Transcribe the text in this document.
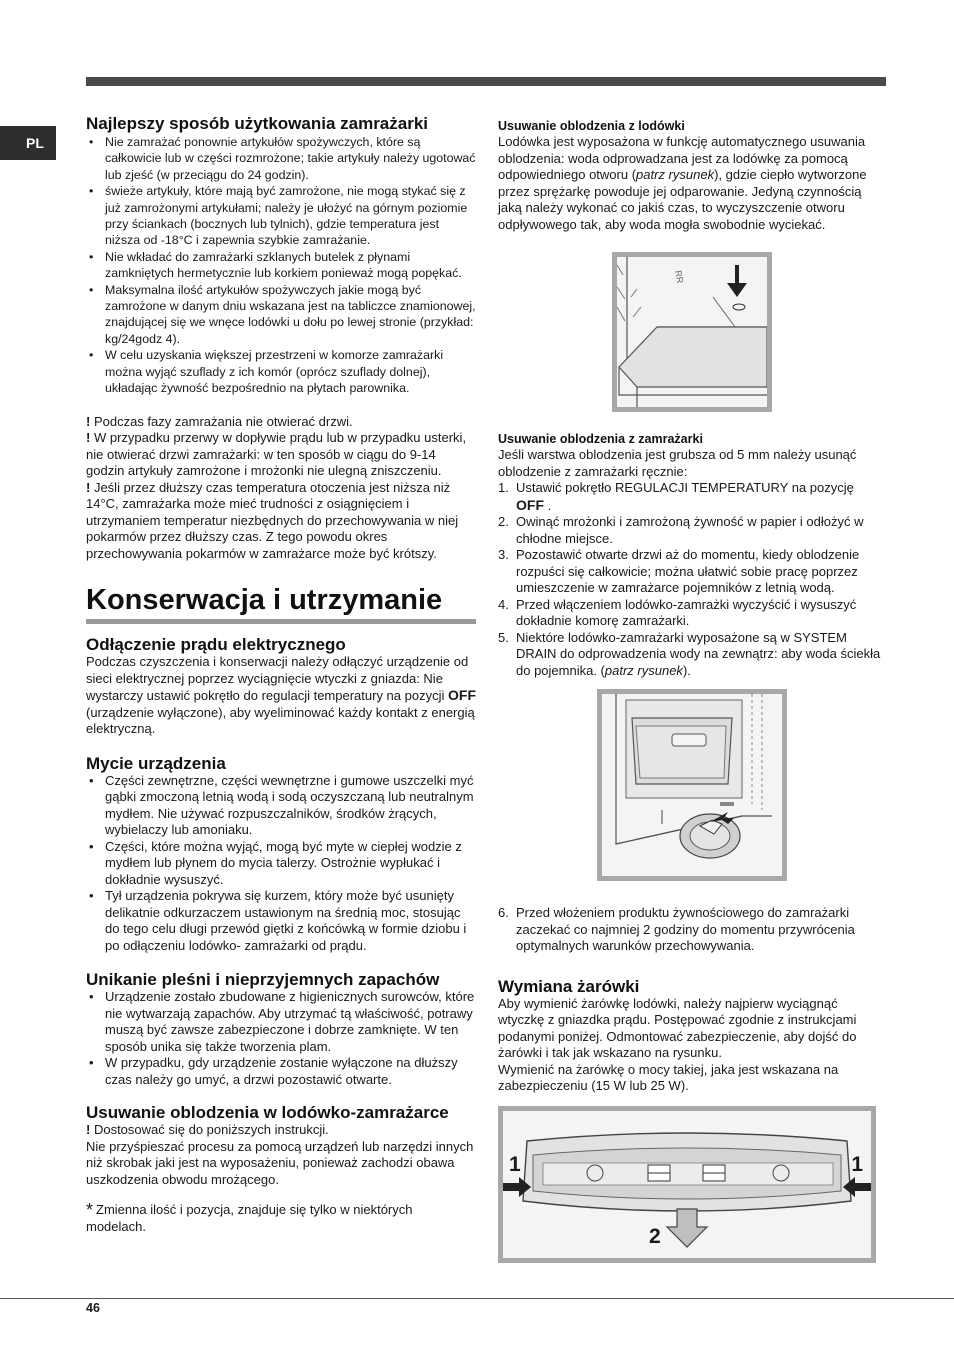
PL
Najlepszy sposób użytkowania zamrażarki
• Nie zamrażać ponownie artykułów spożywczych, które są całkowicie lub w części rozmrożone; takie artykuły należy ugotować lub zjeść (w przeciągu do 24 godzin).
• świeże artykuły, które mają być zamrożone, nie mogą stykać się z już zamrożonymi artykułami; należy je ułożyć na górnym poziomie przy ściankach (bocznych lub tylnich), gdzie temperatura jest niższa od -18°C i zapewnia szybkie zamrażanie.
• Nie wkładać do zamrażarki szklanych butelek z płynami zamkniętych hermetycznie lub korkiem ponieważ mogą popękać.
• Maksymalna ilość artykułów spożywczych jakie mogą być zamrożone w danym dniu wskazana jest na tabliczce znamionowej, znajdującej się we wnęce lodówki u dołu po lewej stronie (przykład: kg/24godz 4).
• W celu uzyskania większej przestrzeni w komorze zamrażarki można wyjąć szuflady z ich komór (oprócz szuflady dolnej), układając żywność bezpośrednio na płytach parownika.
! Podczas fazy zamrażania nie otwierać drzwi.
! W przypadku przerwy w dopływie prądu lub w przypadku usterki, nie otwierać drzwi zamrażarki: w ten sposób w ciągu do 9-14 godzin artykuły zamrożone i mrożonki nie ulegną zniszczeniu.
! Jeśli przez dłuższy czas temperatura otoczenia jest niższa niż 14°C, zamrażarka może mieć trudności z osiągnięciem i utrzymaniem temperatur niezbędnych do przechowywania w niej pokarmów przez dłuższy czas. Z tego powodu okres przechowywania pokarmów w zamrażarce może być krótszy.
Konserwacja i utrzymanie
Odłączenie prądu elektrycznego
Podczas czyszczenia i konserwacji należy odłączyć urządzenie od sieci elektrycznej poprzez wyciągnięcie wtyczki z gniazda: Nie wystarczy ustawić pokrętło do regulacji temperatury na pozycji OFF (urządzenie wyłączone), aby wyeliminować każdy kontakt z energią elektryczną.
Mycie urządzenia
• Części zewnętrzne, części wewnętrzne i gumowe uszczelki myć gąbki zmoczoną letnią wodą i sodą oczyszczaną lub neutralnym mydłem. Nie używać rozpuszczalników, środków żrących, wybielaczy lub amoniaku.
• Części, które można wyjąć, mogą być myte w ciepłej wodzie z mydłem lub płynem do mycia talerzy. Ostrożnie wypłukać i dokładnie wysuszyć.
• Tył urządzenia pokrywa się kurzem, który może być usunięty delikatnie odkurzaczem ustawionym na średnią moc, stosując do tego celu długi przewód giętki z końcówką w formie dziobu i po odłączeniu lodówko- zamrażarki od prądu.
Unikanie pleśni i nieprzyjemnych zapachów
• Urządzenie zostało zbudowane z higienicznych surowców, które nie wytwarzają zapachów. Aby utrzymać tą właściwość, potrawy muszą być zawsze zabezpieczone i dobrze zamknięte. W ten sposób unika się także tworzenia plam.
• W przypadku, gdy urządzenie zostanie wyłączone na dłuższy czas należy go umyć, a drzwi pozostawić otwarte.
Usuwanie oblodzenia w lodówko-zamrażarce
! Dostosować się do poniższych instrukcji.
Nie przyśpieszać procesu za pomocą urządzeń lub narzędzi innych niż skrobak jaki jest na wyposażeniu, ponieważ zachodzi obawa uszkodzenia obwodu mrożącego.
* Zmienna ilość i pozycja, znajduje się tylko w niektórych modelach.
Usuwanie oblodzenia z lodówki
Lodówka jest wyposażona w funkcję automatycznego usuwania oblodzenia: woda odprowadzana jest za lodówkę za pomocą odpowiedniego otworu (patrz rysunek), gdzie ciepło wytworzone przez sprężarkę powoduje jej odparowanie. Jedyną czynnością jaką należy wykonać co jakiś czas, to wyczyszczenie otworu odpływowego tak, aby woda mogła swobodnie wyciekać.
RR
Usuwanie oblodzenia z zamrażarki
Jeśli warstwa oblodzenia jest grubsza od 5 mm należy usunąć oblodzenie z zamrażarki ręcznie:
1. Ustawić pokrętło REGULACJI TEMPERATURY na pozycję OFF .
2. Owinąć mrożonki i zamrożoną żywność w papier i odłożyć w chłodne miejsce.
3. Pozostawić otwarte drzwi aż do momentu, kiedy oblodzenie rozpuści się całkowicie; można ułatwić sobie pracę poprzez umieszczenie w zamrażarce pojemników z letnią wodą.
4. Przed włączeniem lodówko-zamrażki wyczyścić i wysuszyć dokładnie komorę zamrażarki.
5. Niektóre lodówko-zamrażarki wyposażone są w SYSTEM DRAIN do odprowadzenia wody na zewnątrz: aby woda ściekła do pojemnika. (patrz rysunek).
6. Przed włożeniem produktu żywnościowego do zamrażarki zaczekać co najmniej 2 godziny do momentu przywrócenia optymalnych warunków przechowywania.
Wymiana żarówki
Aby wymienić żarówkę lodówki, należy najpierw wyciągnąć wtyczkę z gniazdka prądu. Postępować zgodnie z instrukcjami podanymi poniżej. Odmontować zabezpieczenie, aby dojść do żarówki i tak jak wskazano na rysunku.
Wymienić na żarówkę o mocy takiej, jaka jest wskazana na zabezpieczeniu (15 W lub 25 W).
1	1
2
46
